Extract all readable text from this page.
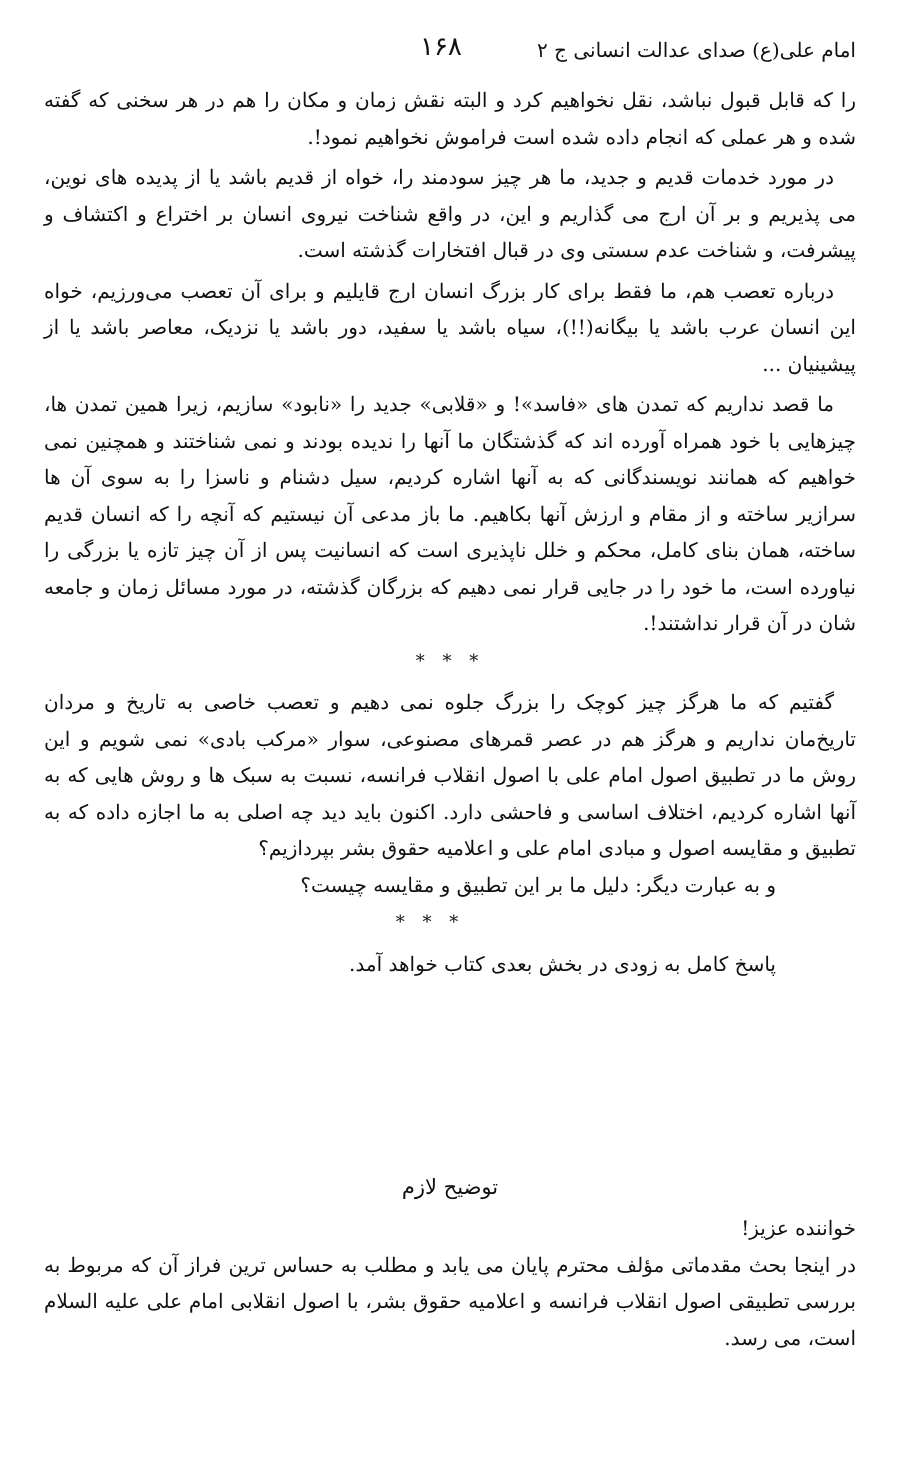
امام علی(ع) صدای عدالت انسانی ج ۲
۱۶۸

را که قابل قبول نباشد، نقل نخواهیم کرد و البته نقش زمان و مکان را هم در هر سخنی که گفته شده و هر عملی که انجام داده شده است فراموش نخواهیم نمود!.

در مورد خدمات قدیم و جدید، ما هر چیز سودمند را، خواه از قدیم باشد یا از پدیده های نوین، می پذیریم و بر آن ارج می گذاریم و این، در واقع شناخت نیروی انسان بر اختراع و اکتشاف و پیشرفت، و شناخت عدم سستی وی در قبال افتخارات گذشته است.

درباره تعصب هم، ما فقط برای کار بزرگ انسان ارج قایلیم و برای آن تعصب می‌ورزیم، خواه این انسان عرب باشد یا بیگانه(!!)، سیاه باشد یا سفید، دور باشد یا نزدیک، معاصر باشد یا از پیشینیان ...

ما قصد نداریم که تمدن های «فاسد»! و «قلابی» جدید را «نابود» سازیم، زیرا همین تمدن ها، چیزهایی با خود همراه آورده اند که گذشتگان ما آنها را ندیده بودند و نمی شناختند و همچنین نمی خواهیم که همانند نویسندگانی که به آنها اشاره کردیم، سیل دشنام و ناسزا را به سوی آن ها سرازیر ساخته و از مقام و ارزش آنها بکاهیم. ما باز مدعی آن نیستیم که آنچه را که انسان قدیم ساخته، همان بنای کامل، محکم و خلل ناپذیری است که انسانیت پس از آن چیز تازه یا بزرگی را نیاورده است، ما خود را در جایی قرار نمی دهیم که بزرگان گذشته، در مورد مسائل زمان و جامعه شان در آن قرار نداشتند!.

* * *

گفتیم که ما هرگز چیز کوچک را بزرگ جلوه نمی دهیم و تعصب خاصی به تاریخ و مردان تاریخ‌مان نداریم و هرگز هم در عصر قمرهای مصنوعی، سوار «مرکب بادی» نمی شویم و این روش ما در تطبیق اصول امام علی با اصول انقلاب فرانسه، نسبت به سبک ها و روش هایی که به آنها اشاره کردیم، اختلاف اساسی و فاحشی دارد. اکنون باید دید چه اصلی به ما اجازه داده که به تطبیق و مقایسه اصول و مبادی امام علی و اعلامیه حقوق بشر بپردازیم؟

و به عبارت دیگر: دلیل ما بر این تطبیق و مقایسه چیست؟

* * *

پاسخ کامل به زودی در بخش بعدی کتاب خواهد آمد.

توضیح لازم

خواننده عزیز!

در اینجا بحث مقدماتی مؤلف محترم پایان می یابد و مطلب به حساس ترین فراز آن که مربوط به بررسی تطبیقی اصول انقلاب فرانسه و اعلامیه حقوق بشر، با اصول انقلابی امام علی علیه السلام است، می رسد.
